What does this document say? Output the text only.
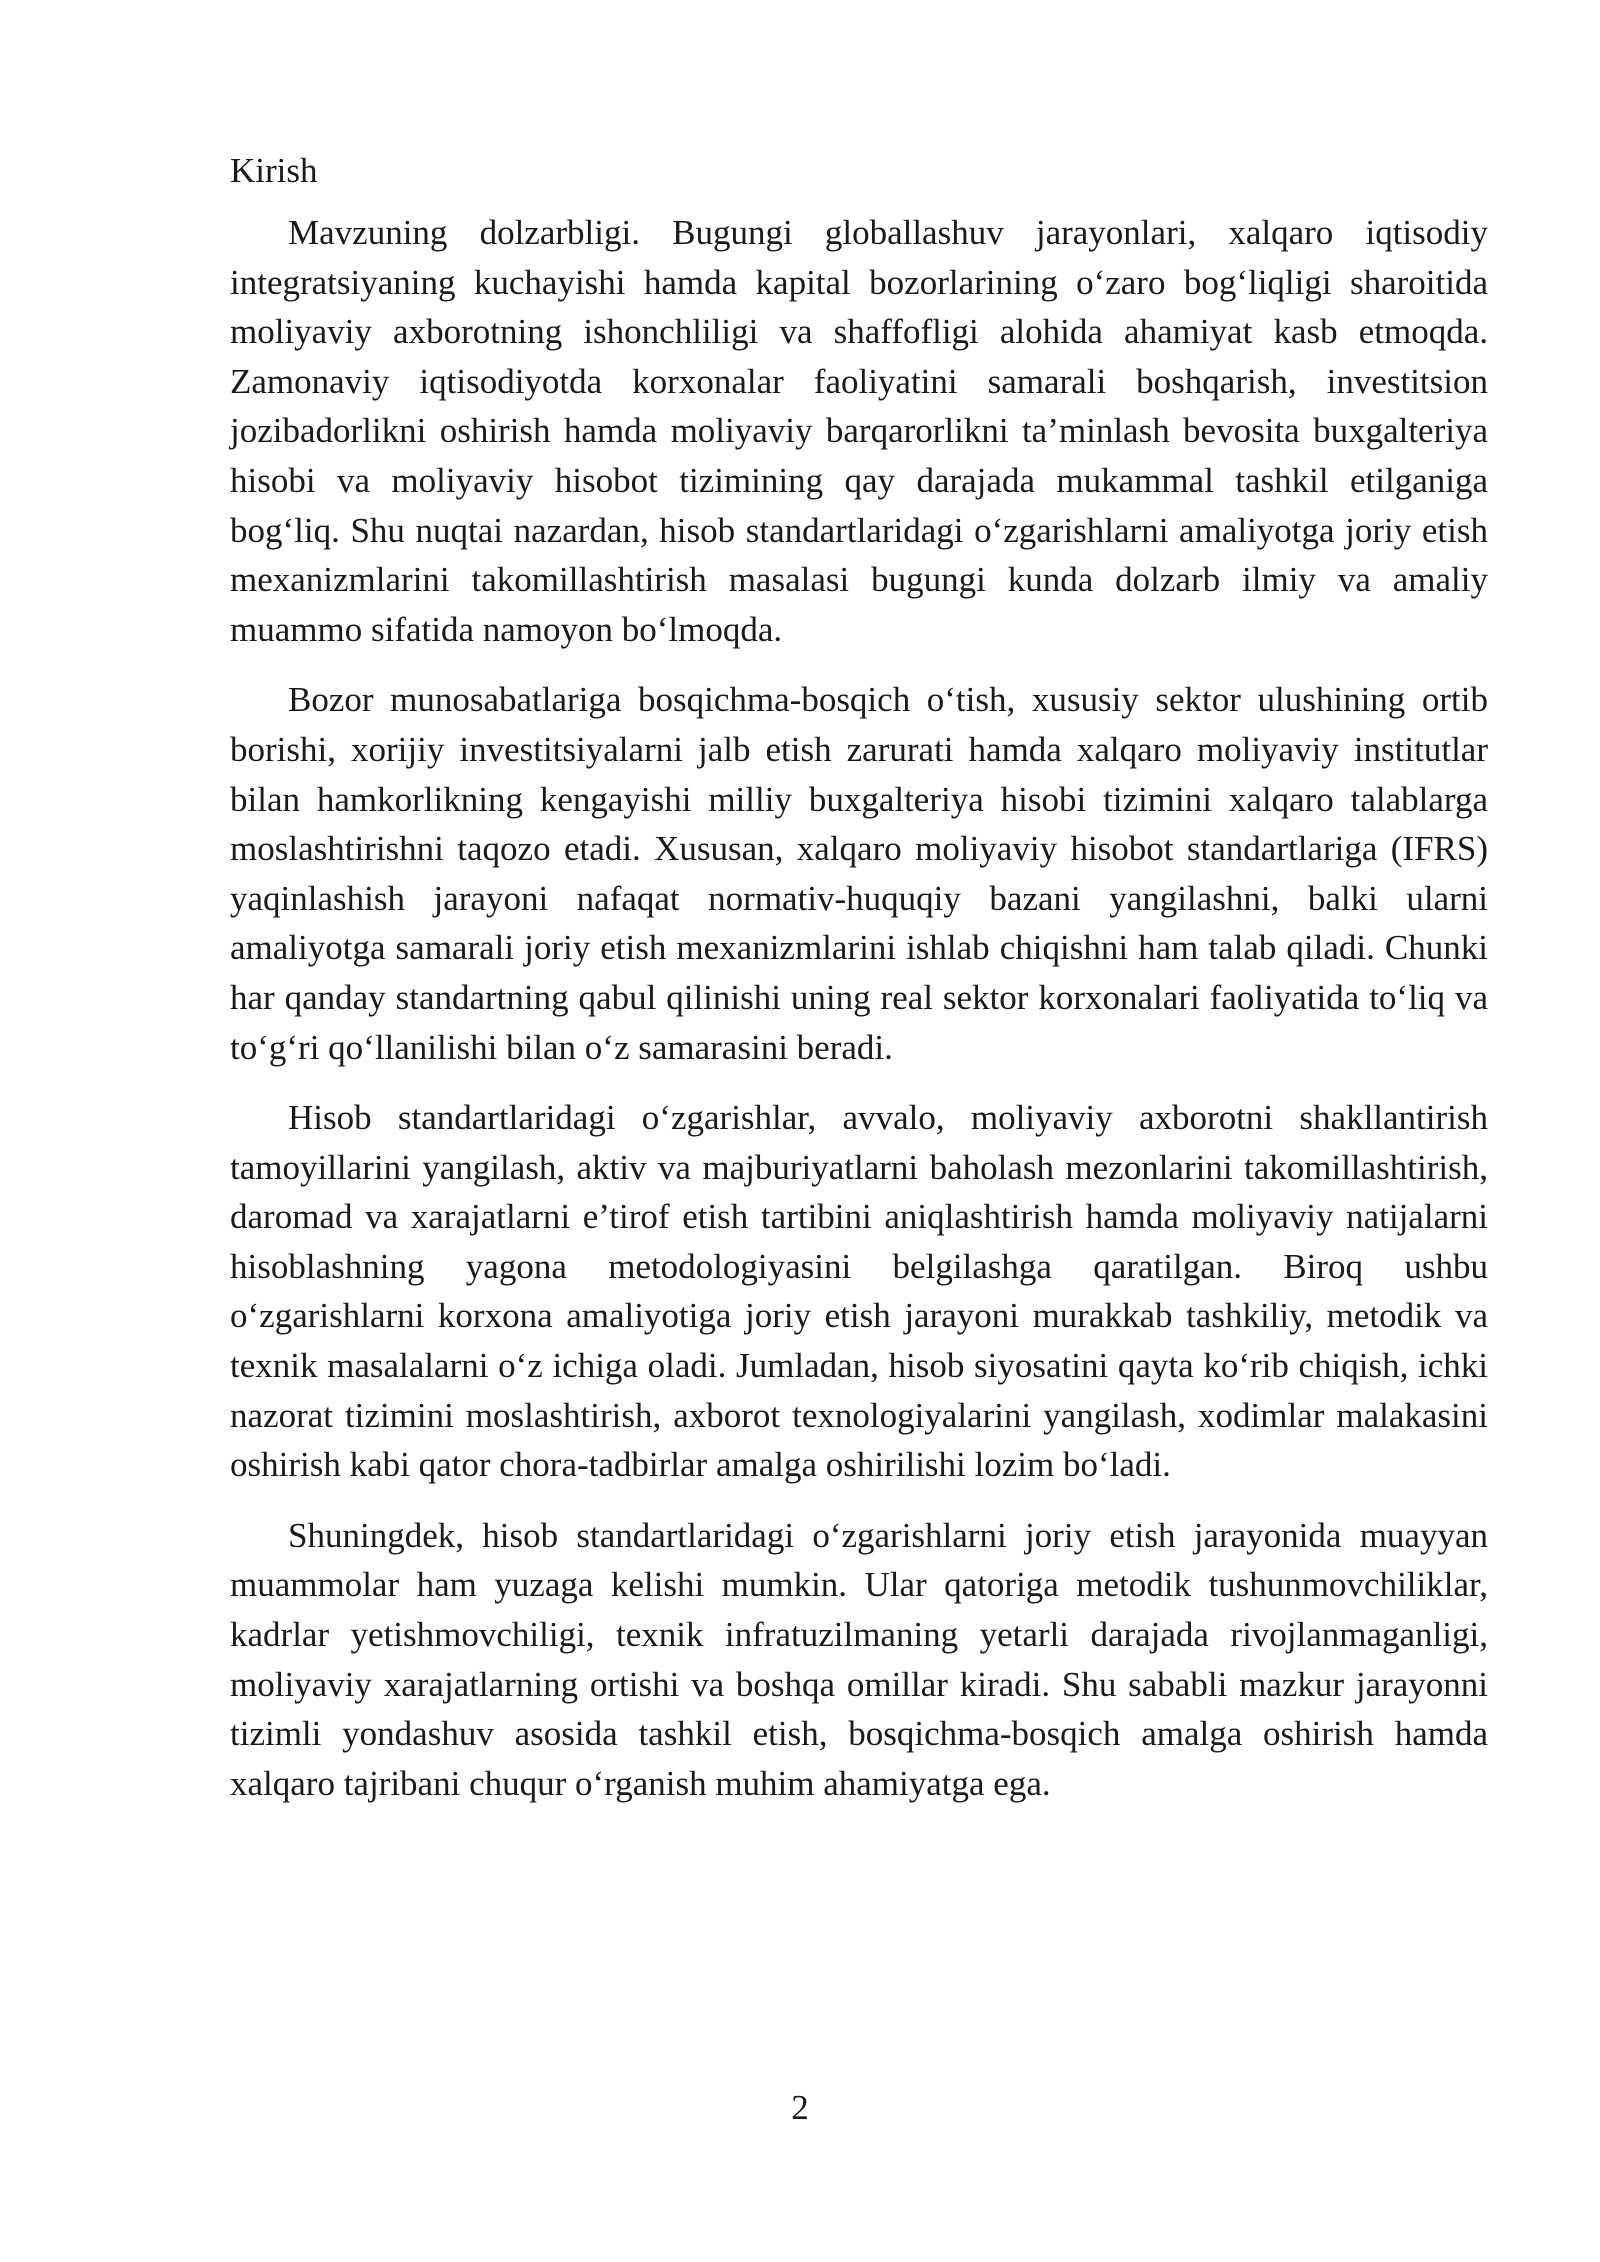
Kirish

Mavzuning dolzarbligi. Bugungi globallashuv jarayonlari, xalqaro iqtisodiy integratsiyaning kuchayishi hamda kapital bozorlarining o‘zaro bog‘liqligi sharoitida moliyaviy axborotning ishonchliligi va shaffofligi alohida ahamiyat kasb etmoqda. Zamonaviy iqtisodiyotda korxonalar faoliyatini samarali boshqarish, investitsion jozibadorlikni oshirish hamda moliyaviy barqarorlikni ta’minlash bevosita buxgalteriya hisobi va moliyaviy hisobot tizimining qay darajada mukammal tashkil etilganiga bog‘liq. Shu nuqtai nazardan, hisob standartlaridagi o‘zgarishlarni amaliyotga joriy etish mexanizmlarini takomillashtirish masalasi bugungi kunda dolzarb ilmiy va amaliy muammo sifatida namoyon bo‘lmoqda.

Bozor munosabatlariga bosqichma-bosqich o‘tish, xususiy sektor ulushining ortib borishi, xorijiy investitsiyalarni jalb etish zarurati hamda xalqaro moliyaviy institutlar bilan hamkorlikning kengayishi milliy buxgalteriya hisobi tizimini xalqaro talablarga moslashtirishni taqozo etadi. Xususan, xalqaro moliyaviy hisobot standartlariga (IFRS) yaqinlashish jarayoni nafaqat normativ-huquqiy bazani yangilashni, balki ularni amaliyotga samarali joriy etish mexanizmlarini ishlab chiqishni ham talab qiladi. Chunki har qanday standartning qabul qilinishi uning real sektor korxonalari faoliyatida to‘liq va to‘g‘ri qo‘llanilishi bilan o‘z samarasini beradi.

Hisob standartlaridagi o‘zgarishlar, avvalo, moliyaviy axborotni shakllantirish tamoyillarini yangilash, aktiv va majburiyatlarni baholash mezonlarini takomillashtirish, daromad va xarajatlarni e’tirof etish tartibini aniqlashtirish hamda moliyaviy natijalarni hisoblashning yagona metodologiyasini belgilashga qaratilgan. Biroq ushbu o‘zgarishlarni korxona amaliyotiga joriy etish jarayoni murakkab tashkiliy, metodik va texnik masalalarni o‘z ichiga oladi. Jumladan, hisob siyosatini qayta ko‘rib chiqish, ichki nazorat tizimini moslashtirish, axborot texnologiyalarini yangilash, xodimlar malakasini oshirish kabi qator chora-tadbirlar amalga oshirilishi lozim bo‘ladi.

Shuningdek, hisob standartlaridagi o‘zgarishlarni joriy etish jarayonida muayyan muammolar ham yuzaga kelishi mumkin. Ular qatoriga metodik tushunmovchiliklar, kadrlar yetishmovchiligi, texnik infratuzilmaning yetarli darajada rivojlanmaganligi, moliyaviy xarajatlarning ortishi va boshqa omillar kiradi. Shu sababli mazkur jarayonni tizimli yondashuv asosida tashkil etish, bosqichma-bosqich amalga oshirish hamda xalqaro tajribani chuqur o‘rganish muhim ahamiyatga ega.

2
